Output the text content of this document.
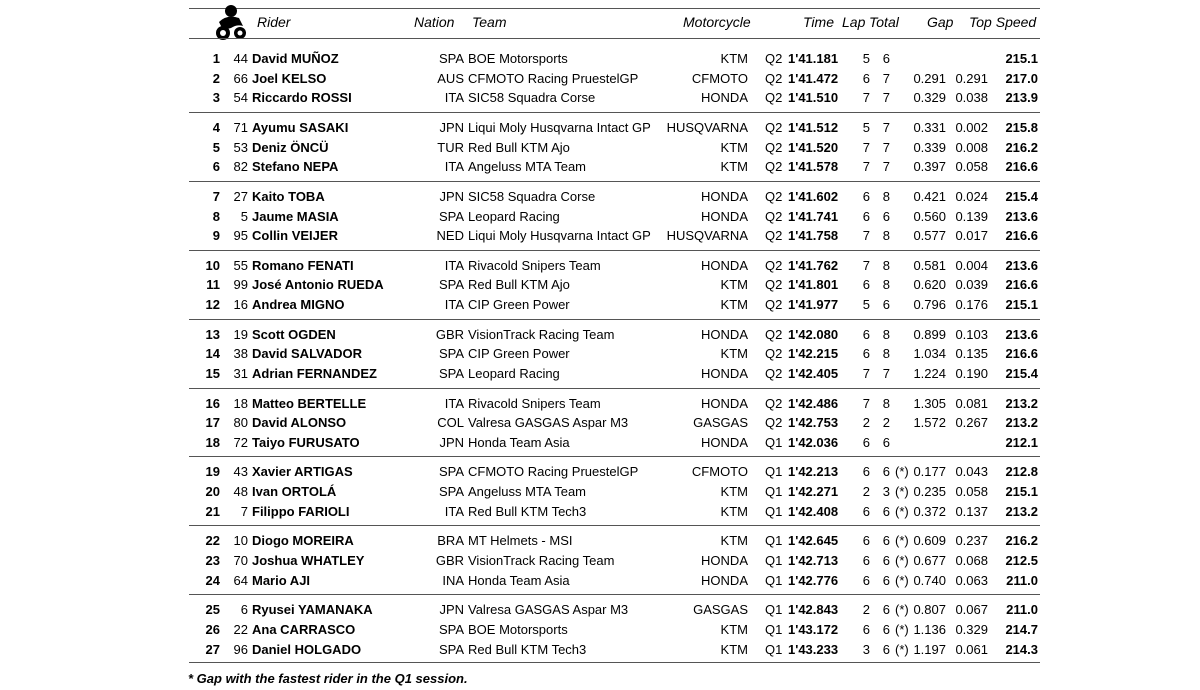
Rider	Nation Team	Motorcycle	Time Lap Total Gap Top Speed
1	44 David MUÑOZ	SPA BOE Motorsports	KTM Q2 1'41.181	5 6	215.1
2	66 Joel KELSO	AUS CFMOTO Racing PruestelGP	CFMOTO Q2 1'41.472	6 7	0.291 0.291	217.0
3	54 Riccardo ROSSI	ITA SIC58 Squadra Corse	HONDA Q2 1'41.510	7 7	0.329 0.038	213.9
4	71 Ayumu SASAKI	JPN Liqui Moly Husqvarna Intact GP	HUSQVARNA Q2 1'41.512	5 7	0.331 0.002	215.8
5	53 Deniz ÖNCÜ	TUR Red Bull KTM Ajo	KTM Q2 1'41.520	7 7	0.339 0.008	216.2
6	82 Stefano NEPA	ITA Angeluss MTA Team	KTM Q2 1'41.578	7 7	0.397 0.058	216.6
7	27 Kaito TOBA	JPN SIC58 Squadra Corse	HONDA Q2 1'41.602	6 8	0.421 0.024	215.4
8	5 Jaume MASIA	SPA Leopard Racing	HONDA Q2 1'41.741	6 6	0.560 0.139	213.6
9	95 Collin VEIJER	NED Liqui Moly Husqvarna Intact GP	HUSQVARNA Q2 1'41.758	7 8	0.577 0.017	216.6
10	55 Romano FENATI	ITA Rivacold Snipers Team	HONDA Q2 1'41.762	7 8	0.581 0.004	213.6
11	99 José Antonio RUEDA	SPA Red Bull KTM Ajo	KTM Q2 1'41.801	6 8	0.620 0.039	216.6
12	16 Andrea MIGNO	ITA CIP Green Power	KTM Q2 1'41.977	5 6	0.796 0.176	215.1
13	19 Scott OGDEN	GBR VisionTrack Racing Team	HONDA Q2 1'42.080	6 8	0.899 0.103	213.6
14	38 David SALVADOR	SPA CIP Green Power	KTM Q2 1'42.215	6 8	1.034 0.135	216.6
15	31 Adrian FERNANDEZ	SPA Leopard Racing	HONDA Q2 1'42.405	7 7	1.224 0.190	215.4
16	18 Matteo BERTELLE	ITA Rivacold Snipers Team	HONDA Q2 1'42.486	7 8	1.305 0.081	213.2
17	80 David ALONSO	COL Valresa GASGAS Aspar M3	GASGAS Q2 1'42.753	2 2	1.572 0.267	213.2
18	72 Taiyo FURUSATO	JPN Honda Team Asia	HONDA Q1 1'42.036	6 6	212.1
19	43 Xavier ARTIGAS	SPA CFMOTO Racing PruestelGP	CFMOTO Q1 1'42.213	6 6 (*) 0.177 0.043	212.8
20	48 Ivan ORTOLÁ	SPA Angeluss MTA Team	KTM Q1 1'42.271	2 3 (*) 0.235 0.058	215.1
21	7 Filippo FARIOLI	ITA Red Bull KTM Tech3	KTM Q1 1'42.408	6 6 (*) 0.372 0.137	213.2
22	10 Diogo MOREIRA	BRA MT Helmets - MSI	KTM Q1 1'42.645	6 6 (*) 0.609 0.237	216.2
23	70 Joshua WHATLEY	GBR VisionTrack Racing Team	HONDA Q1 1'42.713	6 6 (*) 0.677 0.068	212.5
24	64 Mario AJI	INA Honda Team Asia	HONDA Q1 1'42.776	6 6 (*) 0.740 0.063	211.0
25	6 Ryusei YAMANAKA	JPN Valresa GASGAS Aspar M3	GASGAS Q1 1'42.843	2 6 (*) 0.807 0.067	211.0
26	22 Ana CARRASCO	SPA BOE Motorsports	KTM Q1 1'43.172	6 6 (*) 1.136 0.329	214.7
27	96 Daniel HOLGADO	SPA Red Bull KTM Tech3	KTM Q1 1'43.233	3 6 (*) 1.197 0.061	214.3
* Gap with the fastest rider in the Q1 session.
